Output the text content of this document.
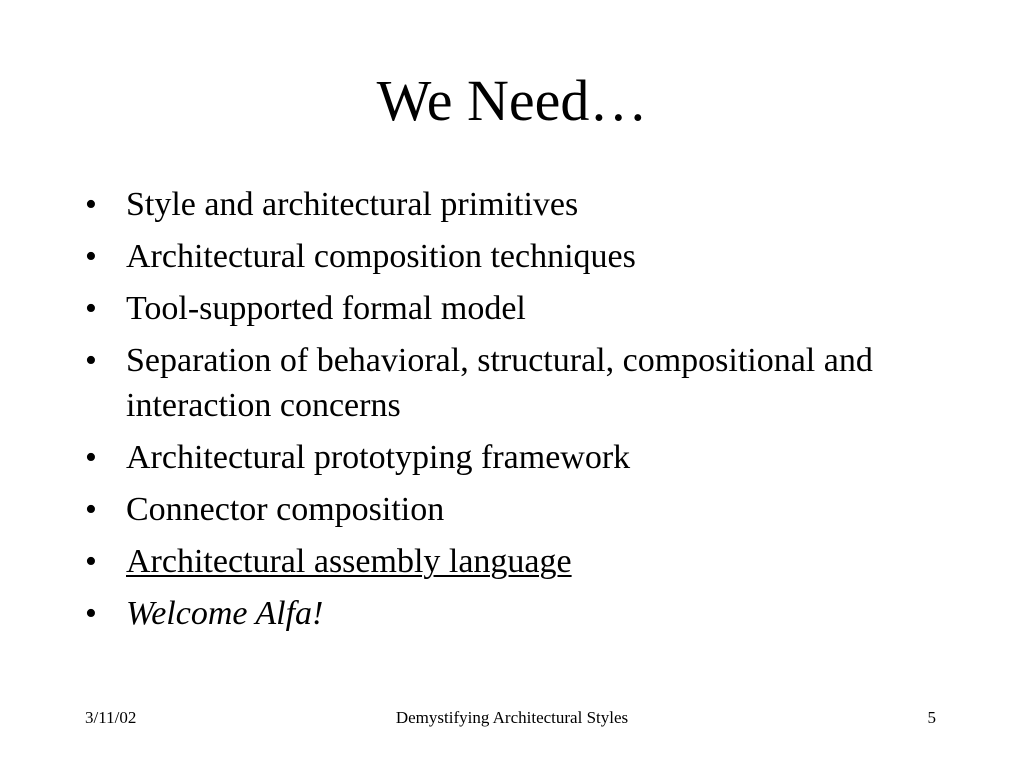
We Need…
• Style and architectural primitives
• Architectural composition techniques
• Tool-supported formal model
• Separation of behavioral, structural, compositional and interaction concerns
• Architectural prototyping framework
• Connector composition
• Architectural assembly language
• Welcome Alfa!
3/11/02	Demystifying Architectural Styles	5
